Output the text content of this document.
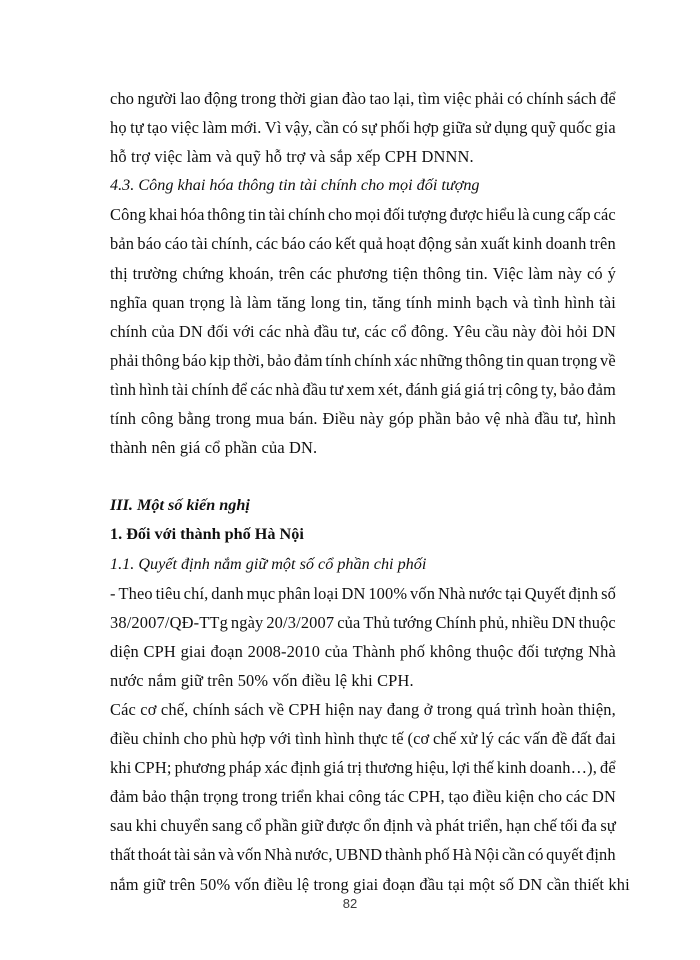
cho người lao động trong thời gian đào tao lại, tìm việc phải có chính sách để
họ tự tạo việc làm mới. Vì vậy, cần có sự phối hợp giữa sử dụng quỹ quốc gia
hỗ trợ việc làm và quỹ hỗ trợ và sắp xếp CPH DNNN.
4.3. Công khai hóa thông tin tài chính cho mọi đối tượng
Công khai hóa thông tin tài chính cho mọi đối tượng được hiểu là cung cấp các
bản báo cáo tài chính, các báo cáo kết quả hoạt động sản xuất kinh doanh trên
thị trường chứng khoán, trên các phương tiện thông tin. Việc làm này có ý
nghĩa quan trọng là làm tăng long tin, tăng tính minh bạch và tình hình tài
chính của DN đối với các nhà đầu tư, các cổ đông. Yêu cầu này đòi hỏi DN
phải thông báo kịp thời, bảo đảm tính chính xác những thông tin quan trọng về
tình hình tài chính để các nhà đầu tư xem xét, đánh giá giá trị công ty, bảo đảm
tính công bằng trong mua bán. Điều này góp phần bảo vệ nhà đầu tư, hình
thành nên giá cổ phần của DN.
III. Một số kiến nghị
1. Đối với thành phố Hà Nội
1.1. Quyết định nắm giữ một số cổ phần chi phối
- Theo tiêu chí, danh mục phân loại DN 100% vốn Nhà nước tại Quyết định số
38/2007/QĐ-TTg ngày 20/3/2007 của Thủ tướng Chính phủ, nhiều DN thuộc
diện CPH giai đoạn 2008-2010 của Thành phố không thuộc đối tượng Nhà
nước nắm giữ trên 50% vốn điều lệ khi CPH.
Các cơ chế, chính sách về CPH hiện nay đang ở trong quá trình hoàn thiện,
điều chỉnh cho phù hợp với tình hình thực tế (cơ chế xử lý các vấn đề đất đai
khi CPH; phương pháp xác định giá trị thương hiệu, lợi thế kinh doanh…), để
đảm bảo thận trọng trong triển khai công tác CPH, tạo điều kiện cho các DN
sau khi chuyển sang cổ phần giữ được ổn định và phát triển, hạn chế tối đa sự
thất thoát tài sản và vốn Nhà nước, UBND thành phố Hà Nội cần có quyết định
nắm giữ trên 50% vốn điều lệ trong giai đoạn đầu tại một số DN cần thiết khi
82
